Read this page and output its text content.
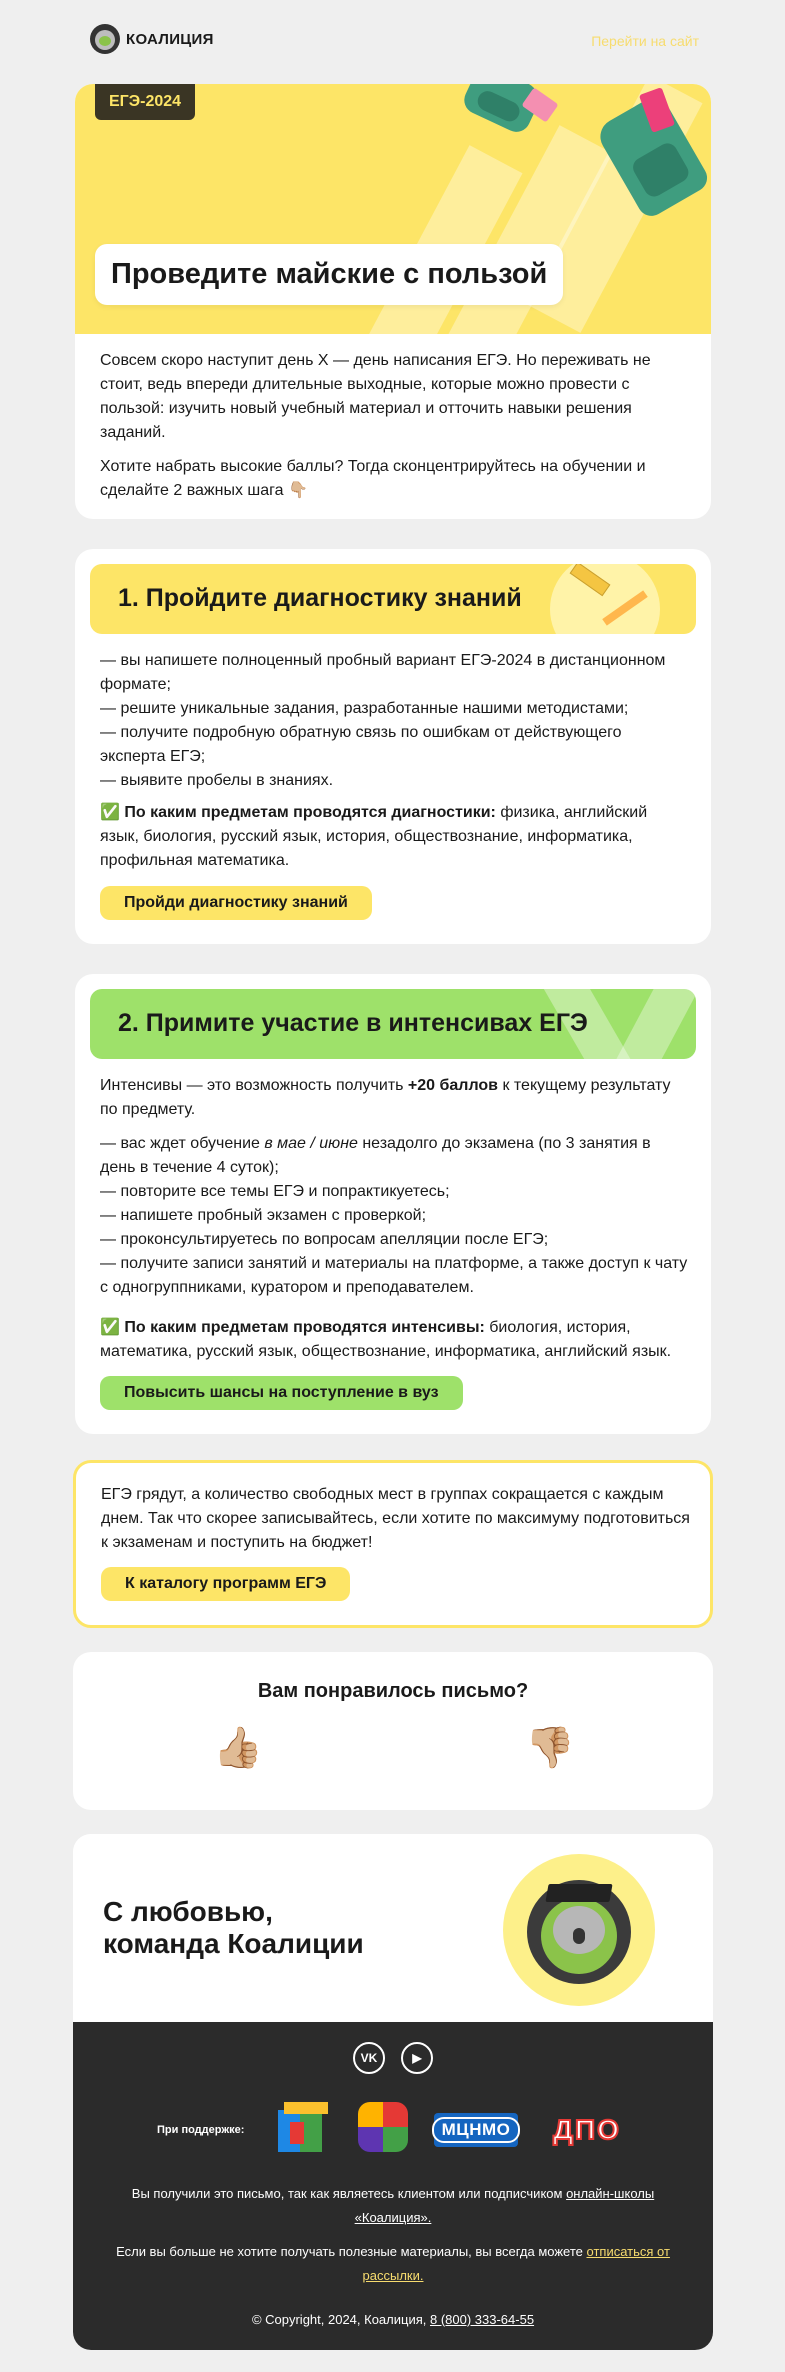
КОАЛИЦИЯ	Перейти на сайт
ЕГЭ-2024
Проведите майские с пользой

Совсем скоро наступит день Х — день написания ЕГЭ. Но переживать не стоит, ведь впереди длительные выходные, которые можно провести с пользой: изучить новый учебный материал и отточить навыки решения заданий.

Хотите набрать высокие баллы? Тогда сконцентрируйтесь на обучении и сделайте 2 важных шага 👇🏼

1. Пройдите диагностику знаний

— вы напишете полноценный пробный вариант ЕГЭ-2024 в дистанционном формате;

— решите уникальные задания, разработанные нашими методистами;

— получите подробную обратную связь по ошибкам от действующего эксперта ЕГЭ;

— выявите пробелы в знаниях.

✅ По каким предметам проводятся диагностики: физика, английский язык, биология, русский язык, история, обществознание, информатика, профильная математика.

Пройди диагностику знаний
2. Примите участие в интенсивах ЕГЭ

Интенсивы — это возможность получить +20 баллов к текущему результату по предмету.

— вас ждет обучение в мае / июне незадолго до экзамена (по 3 занятия в день в течение 4 суток);

— повторите все темы ЕГЭ и попрактикуетесь;

— напишете пробный экзамен с проверкой;

— проконсультируетесь по вопросам апелляции после ЕГЭ;

— получите записи занятий и материалы на платформе, а также доступ к чату с одногруппниками, куратором и преподавателем.

✅ По каким предметам проводятся интенсивы: биология, история, математика, русский язык, обществознание, информатика, английский язык.

Повысить шансы на поступление в вуз

ЕГЭ грядут, а количество свободных мест в группах сокращается с каждым днем. Так что скорее записывайтесь, если хотите по максимуму подготовиться к экзаменам и поступить на бюджет!

К каталогу программ ЕГЭ
Вам понравилось письмо?
👍🏼	👎🏼
С любовью,
команда Коалиции
VK	▶
При поддержке:	МЦНМО	ДПО

Вы получили это письмо, так как являетесь клиентом или подписчиком онлайн-школы «Коалиция».

Если вы больше не хотите получать полезные материалы, вы всегда можете отписаться от рассылки.

© Copyright, 2024, Коалиция, 8 (800) 333-64-55
